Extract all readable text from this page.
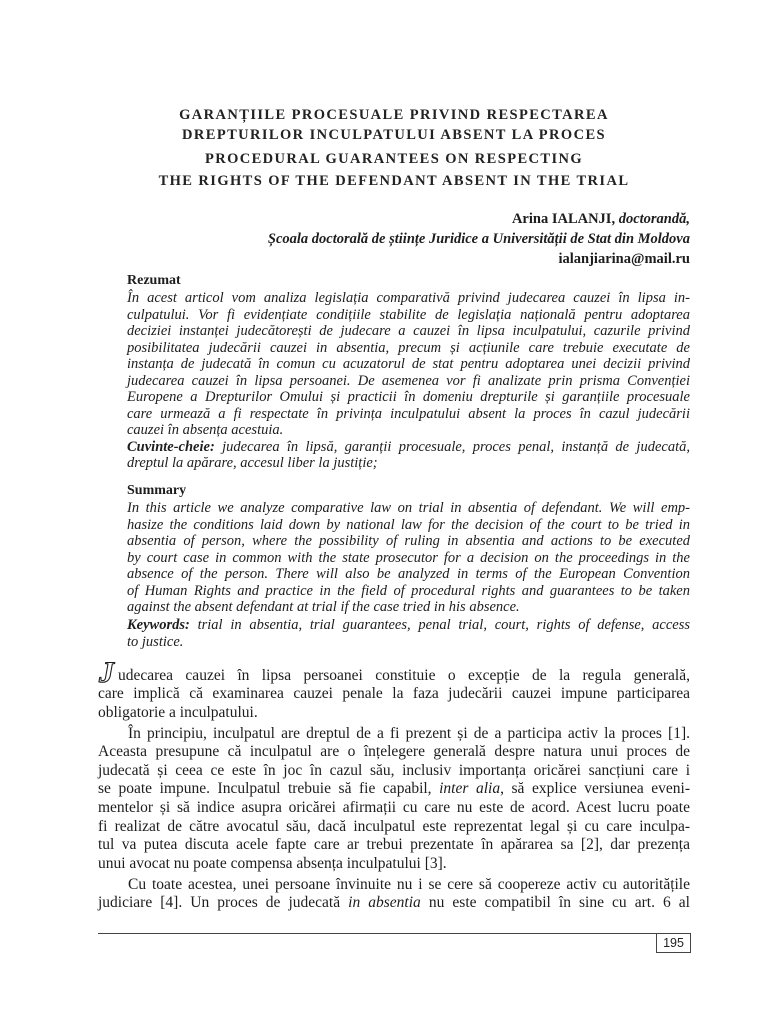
GARANȚIILE PROCESUALE PRIVIND RESPECTAREA
DREPTURILOR INCULPATULUI ABSENT LA PROCES
PROCEDURAL GUARANTEES ON RESPECTING
THE RIGHTS OF THE DEFENDANT ABSENT IN THE TRIAL
Arina IALANJI, doctorandă,
Școala doctorală de științe Juridice a Universității de Stat din Moldova
ialanjiarina@mail.ru
Rezumat
În acest articol vom analiza legislația comparativă privind judecarea cauzei în lipsa in-
culpatului. Vor fi evidențiate condițiile stabilite de legislația națională pentru adoptarea
deciziei instanței judecătorești de judecare a cauzei în lipsa inculpatului, cazurile privind
posibilitatea judecării cauzei in absentia, precum și acțiunile care trebuie executate de
instanța de judecată în comun cu acuzatorul de stat pentru adoptarea unei decizii privind
judecarea cauzei în lipsa persoanei. De asemenea vor fi analizate prin prisma Convenției
Europene a Drepturilor Omului și practicii în domeniu drepturile și garanțiile procesuale
care urmează a fi respectate în privința inculpatului absent la proces în cazul judecării
cauzei în absența acestuia.
Cuvinte-cheie: judecarea în lipsă, garanții procesuale, proces penal, instanță de judecată,
dreptul la apărare, accesul liber la justiție;
Summary
In this article we analyze comparative law on trial in absentia of defendant. We will emp-
hasize the conditions laid down by national law for the decision of the court to be tried in
absentia of person, where the possibility of ruling in absentia and actions to be executed
by court case in common with the state prosecutor for a decision on the proceedings in the
absence of the person. There will also be analyzed in terms of the European Convention
of Human Rights and practice in the field of procedural rights and guarantees to be taken
against the absent defendant at trial if the case tried in his absence.
Keywords: trial in absentia, trial guarantees, penal trial, court, rights of defense, access
to justice.
J udecarea cauzei în lipsa persoanei constituie o excepție de la regula generală,
care implică că examinarea cauzei penale la faza judecării cauzei impune participarea
obligatorie a inculpatului.
În principiu, inculpatul are dreptul de a fi prezent și de a participa activ la proces [1].
Aceasta presupune că inculpatul are o înțelegere generală despre natura unui proces de
judecată și ceea ce este în joc în cazul său, inclusiv importanța oricărei sancțiuni care i
se poate impune. Inculpatul trebuie să fie capabil, inter alia, să explice versiunea eveni-
mentelor și să indice asupra oricărei afirmații cu care nu este de acord. Acest lucru poate
fi realizat de către avocatul său, dacă inculpatul este reprezentat legal și cu care inculpa-
tul va putea discuta acele fapte care ar trebui prezentate în apărarea sa [2], dar prezența
unui avocat nu poate compensa absența inculpatului [3].
Cu toate acestea, unei persoane învinuite nu i se cere să coopereze activ cu autoritățile
judiciare [4]. Un proces de judecată in absentia nu este compatibil în sine cu art. 6 al
195
